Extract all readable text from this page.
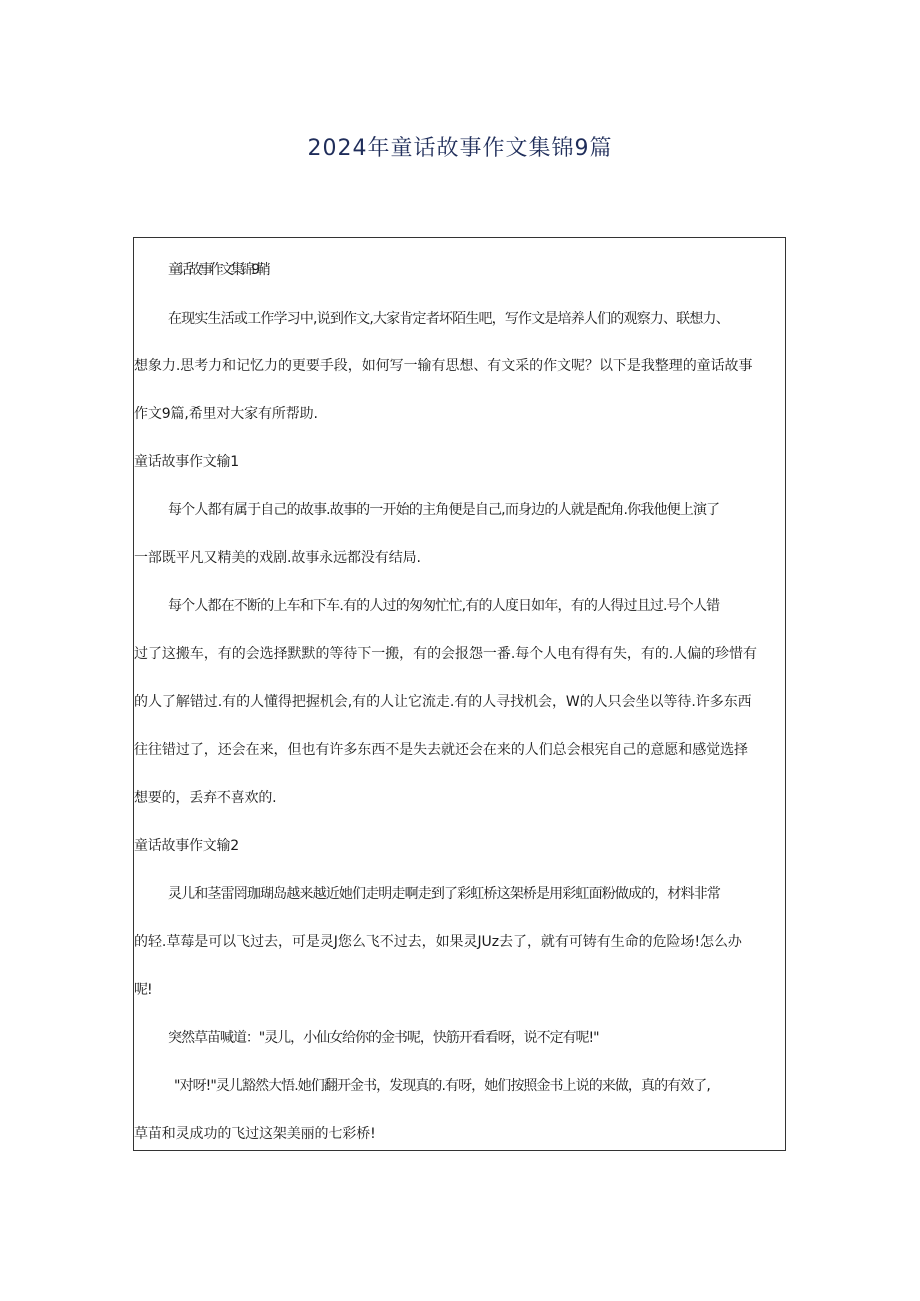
2024年童话故事作文集锦9篇

童话故事作文集锦9鞘

在现实生活或工作学习中,说到作文,大家肯定者坏陌生吧，写作文是培养人们的观察力、联想力、

想象力.思考力和记忆力的更要手段，如何写一输有思想、有文采的作文呢？以下是我整理的童话故事

作文9篇,希里对大家有所帮助.

童话故事作文输1

每个人都有属于自己的故事.故事的一开始的主角便是自己,而身边的人就是配角.你我他便上演了

一部既平凡又精美的戏剧.故事永远都没有结局.

每个人都在不断的上车和下车.有的人过的匆匆忙忙,有的人度日如年，有的人得过且过.号个人错

过了这搬车，有的会选择默默的等待下一搬，有的会报怨一番.每个人电有得有失，有的.人偏的珍惜有

的人了解错过.有的人懂得把握机会,有的人让它流走.有的人寻找机会，W的人只会坐以等待.许多东西

往往错过了，还会在来，但也有许多东西不是失去就还会在来的人们总会根宪自己的意愿和感觉选择

想要的，丢弃不喜欢的.

童话故事作文输2

灵儿和茎雷罔珈瑚岛越来越近她们走明走啊走到了彩虹桥这架桥是用彩虹面粉做成的，材料非常

的轻.草莓是可以飞过去，可是灵J您么飞不过去，如果灵JUz去了，就有可铸有生命的危险场!怎么办

呢!

突然草苗喊道："灵儿，小仙女给你的金书呢，快筋开看看呀，说不定有呢!"

"对呀!"灵儿豁然大悟.她们翻开金书，发现真的.有呀，她们按照金书上说的来做，真的有效了,

草苗和灵成功的飞过这架美丽的七彩桥!
